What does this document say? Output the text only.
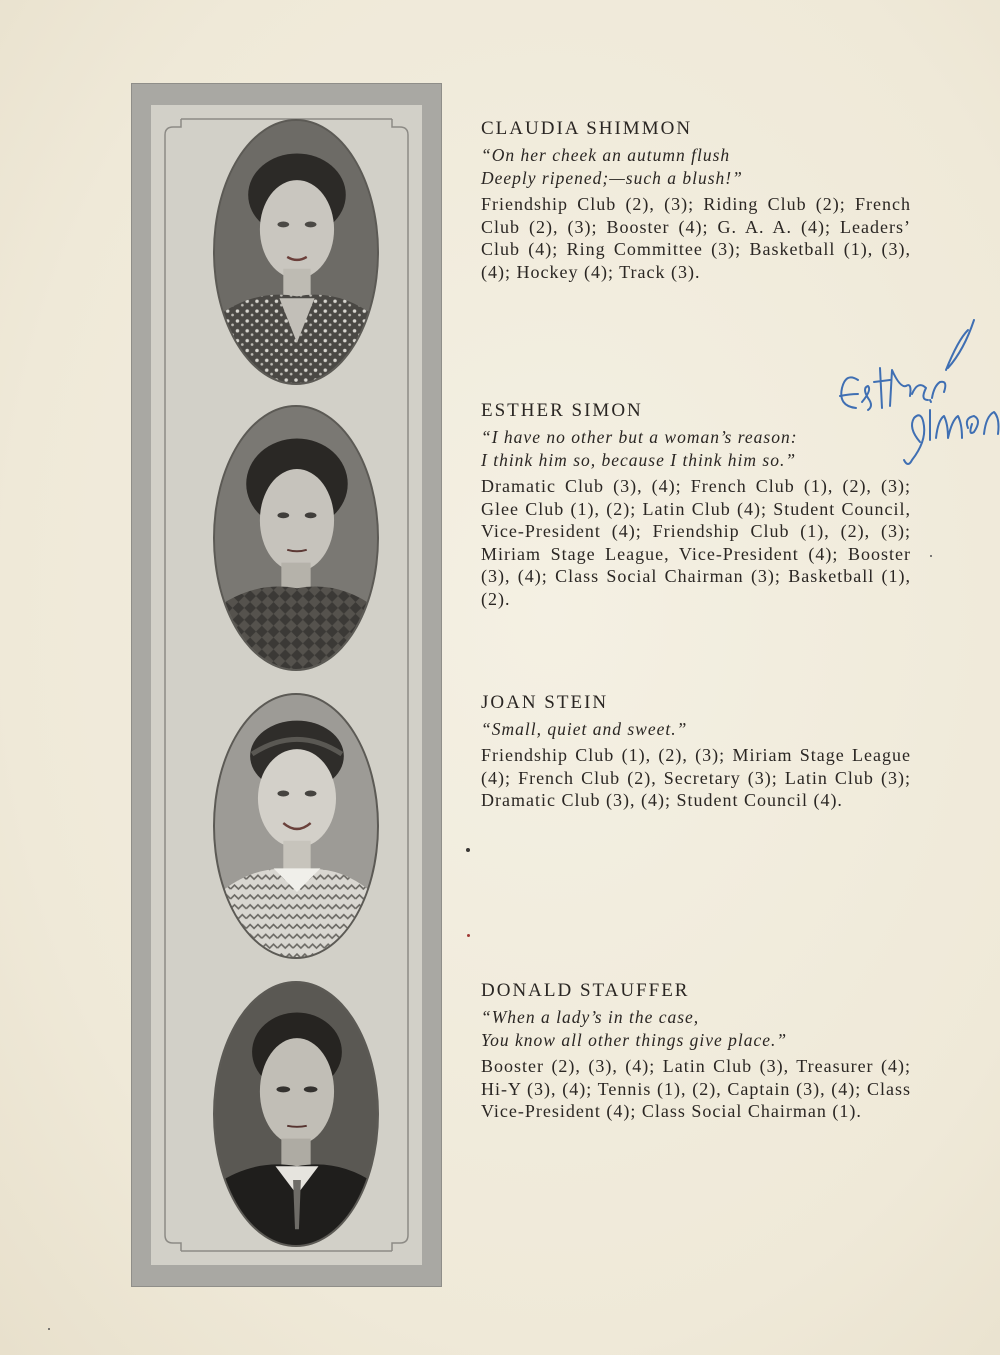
CLAUDIA SHIMMON

“On her cheek an autumn flush
Deeply ripened;—such a blush!”

Friendship Club (2), (3); Riding Club (2); French Club (2), (3); Booster (4); G. A. A. (4); Leaders’ Club (4); Ring Committee (3); Basketball (1), (3), (4); Hockey (4); Track (3).

ESTHER SIMON

“I have no other but a woman’s reason:
I think him so, because I think him so.”

Dramatic Club (3), (4); French Club (1), (2), (3); Glee Club (1), (2); Latin Club (4); Student Council, Vice-President (4); Friendship Club (1), (2), (3); Miriam Stage League, Vice-President (4); Booster (3), (4); Class Social Chairman (3); Basketball (1), (2).

JOAN STEIN

“Small, quiet and sweet.”

Friendship Club (1), (2), (3); Miriam Stage League (4); French Club (2), Secretary (3); Latin Club (3); Dramatic Club (3), (4); Student Council (4).

DONALD STAUFFER

“When a lady’s in the case,
You know all other things give place.”

Booster (2), (3), (4); Latin Club (3), Treasurer (4); Hi-Y (3), (4); Tennis (1), (2), Captain (3), (4); Class Vice-President (4); Class Social Chairman (1).
